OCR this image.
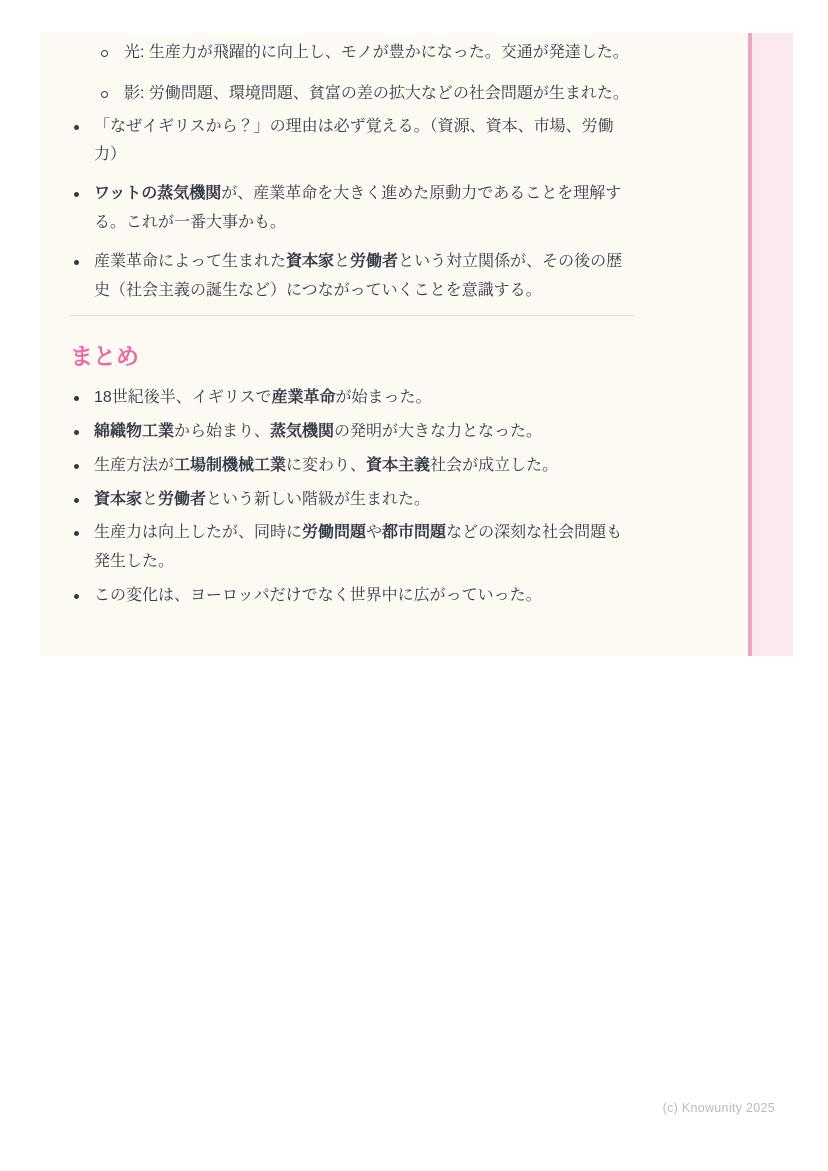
光: 生産力が飛躍的に向上し、モノが豊かになった。交通が発達した。
影: 労働問題、環境問題、貧富の差の拡大などの社会問題が生まれた。
「なぜイギリスから？」の理由は必ず覚える。（資源、資本、市場、労働力）
ワットの蒸気機関が、産業革命を大きく進めた原動力であることを理解する。これが一番大事かも。
産業革命によって生まれた資本家と労働者という対立関係が、その後の歴史（社会主義の誕生など）につながっていくことを意識する。
まとめ
18世紀後半、イギリスで産業革命が始まった。
綿織物工業から始まり、蒸気機関の発明が大きな力となった。
生産方法が工場制機械工業に変わり、資本主義社会が成立した。
資本家と労働者という新しい階級が生まれた。
生産力は向上したが、同時に労働問題や都市問題などの深刻な社会問題も発生した。
この変化は、ヨーロッパだけでなく世界中に広がっていった。
(c) Knowunity 2025
